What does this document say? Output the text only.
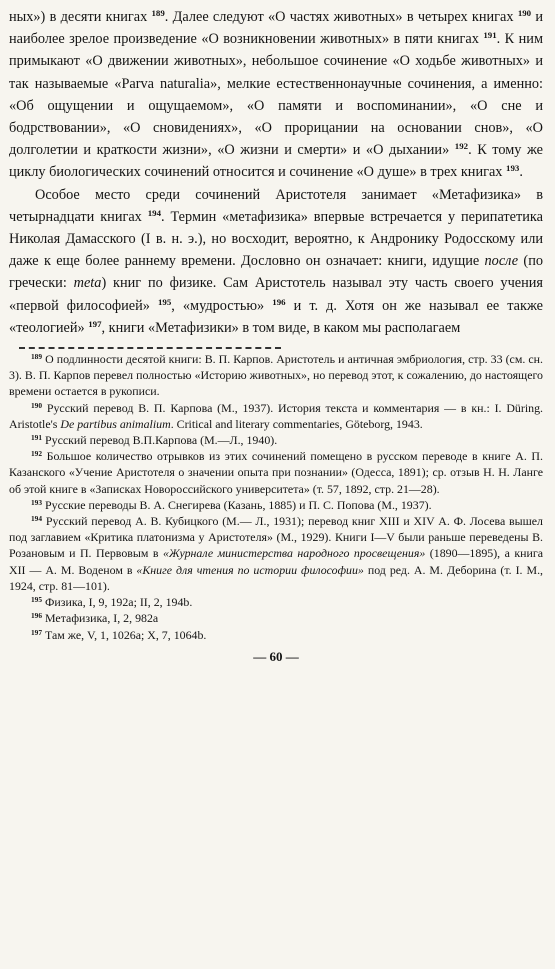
ных») в десяти книгах $^{189}$. Далее следуют «О частях животных» в четырех книгах $^{190}$ и наиболее зрелое произведение «О возникновении животных» в пяти книгах $^{191}$. К ним примыкают «О движении животных», небольшое сочинение «О ходьбе животных» и так называемые «Parva naturalia», мелкие естественнонаучные сочинения, а именно: «Об ощущении и ощущаемом», «О памяти и воспоминании», «О сне и бодрствовании», «О сновидениях», «О прорицании на основании снов», «О долголетии и краткости жизни», «О жизни и смерти» и «О дыхании» $^{192}$. К тому же циклу биологических сочинений относится и сочинение «О душе» в трех книгах $^{193}$.

Особое место среди сочинений Аристотеля занимает «Метафизика» в четырнадцати книгах $^{194}$. Термин «метафизика» впервые встречается у перипатетика Николая Дамасского (I в. н. э.), но восходит, вероятно, к Андронику Родосскому или даже к еще более раннему времени. Дословно он означает: книги, идущие после (по гречески: meta) книг по физике. Сам Аристотель называл эту часть своего учения «первой философией» $^{195}$, «мудростью» $^{196}$ и т. д. Хотя он же называл ее также «теологией» $^{197}$, книги «Метафизики» в том виде, в каком мы располагаем

$^{189}$ О подлинности десятой книги: В. П. Карпов. Аристотель и античная эмбриология, стр. 33 (см. сн. 3). В. П. Карпов перевел полностью «Историю животных», но перевод этот, к сожалению, до настоящего времени остается в рукописи.

$^{190}$ Русский перевод В. П. Карпова (М., 1937). История текста и комментария — в кн.: I. Düring. Aristotle's De partibus animalium. Critical and literary commentaries, Göteborg, 1943.

$^{191}$ Русский перевод В.П.Карпова (М.—Л., 1940).

$^{192}$ Большое количество отрывков из этих сочинений помещено в русском переводе в книге А. П. Казанского «Учение Аристотеля о значении опыта при познании» (Одесса, 1891); ср. отзыв Н. Н. Ланге об этой книге в «Записках Новороссийского университета» (т. 57, 1892, стр. 21—28).

$^{193}$ Русские переводы В. А. Снегирева (Казань, 1885) и П. С. Попова (М., 1937).

$^{194}$ Русский перевод А. В. Кубицкого (М.— Л., 1931); перевод книг XIII и XIV А. Ф. Лосева вышел под заглавием «Критика платонизма у Аристотеля» (М., 1929). Книги I—V были раньше переведены В. Розановым и П. Первовым в «Журнале министерства народного просвещения» (1890—1895), а книга XII — А. М. Воденом в «Книге для чтения по истории философии» под ред. А. М. Деборина (т. I. М., 1924, стр. 81—101).

$^{195}$ Физика, I, 9, 192a; II, 2, 194b.

$^{196}$ Метафизика, I, 2, 982a

$^{197}$ Там же, V, 1, 1026a; X, 7, 1064b.

— 60 —
